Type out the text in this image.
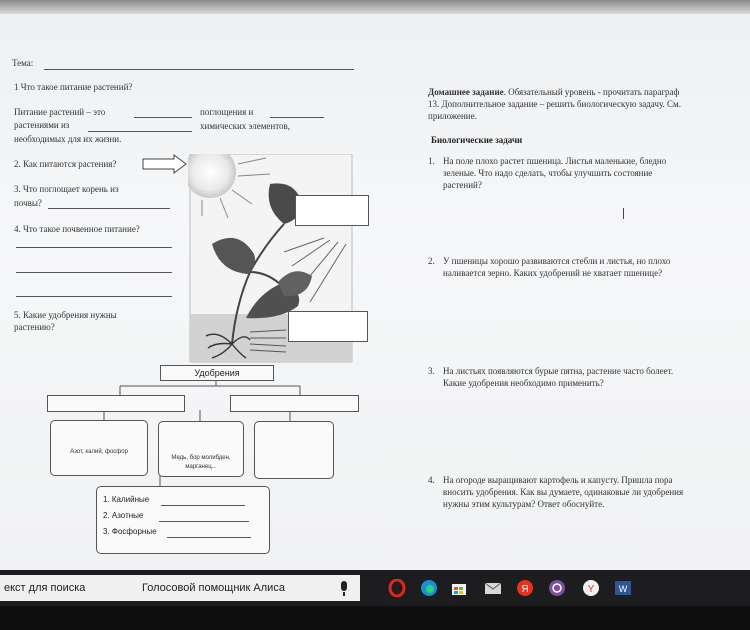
Тема:
1 Что такое питание растений?
Питание растений – это	поглощения и
растениями из	химических элементов,
необходимых для их жизни.
2. Как питаются растения?
3. Что поглощает корень из
почвы?
4. Что такое почвенное питание?
5. Какие удобрения нужны
растению?
Удобрения
Азот, калий, фосфор
Медь, бор молибден,
марганец...
1. Калийные
2. Азотные
3. Фосфорные
Домашнее задание. Обязательный уровень - прочитать параграф
13. Дополнительное задание – решить биологическую задачу. См.
приложение.
Биологические задачи
1. На поле плохо растет пшеница. Листья маленькие, бледно
зеленые. Что надо сделать, чтобы улучшить состояние
растений?
2. У пшеницы хорошо развиваются стебли и листья, но плохо
наливается зерно. Каких удобрений не хватает пшенице?
3. На листьях появляются бурые пятна, растение часто болеет.
Какие удобрения необходимо применить?
4. На огороде выращивают картофель и капусту. Пришла пора
вносить удобрения. Как вы думаете, одинаковые ли удобрения
нужны этим культурам? Ответ обоснуйте.
екст для поиска	Голосовой помощник Алиса	Я	Y	W
